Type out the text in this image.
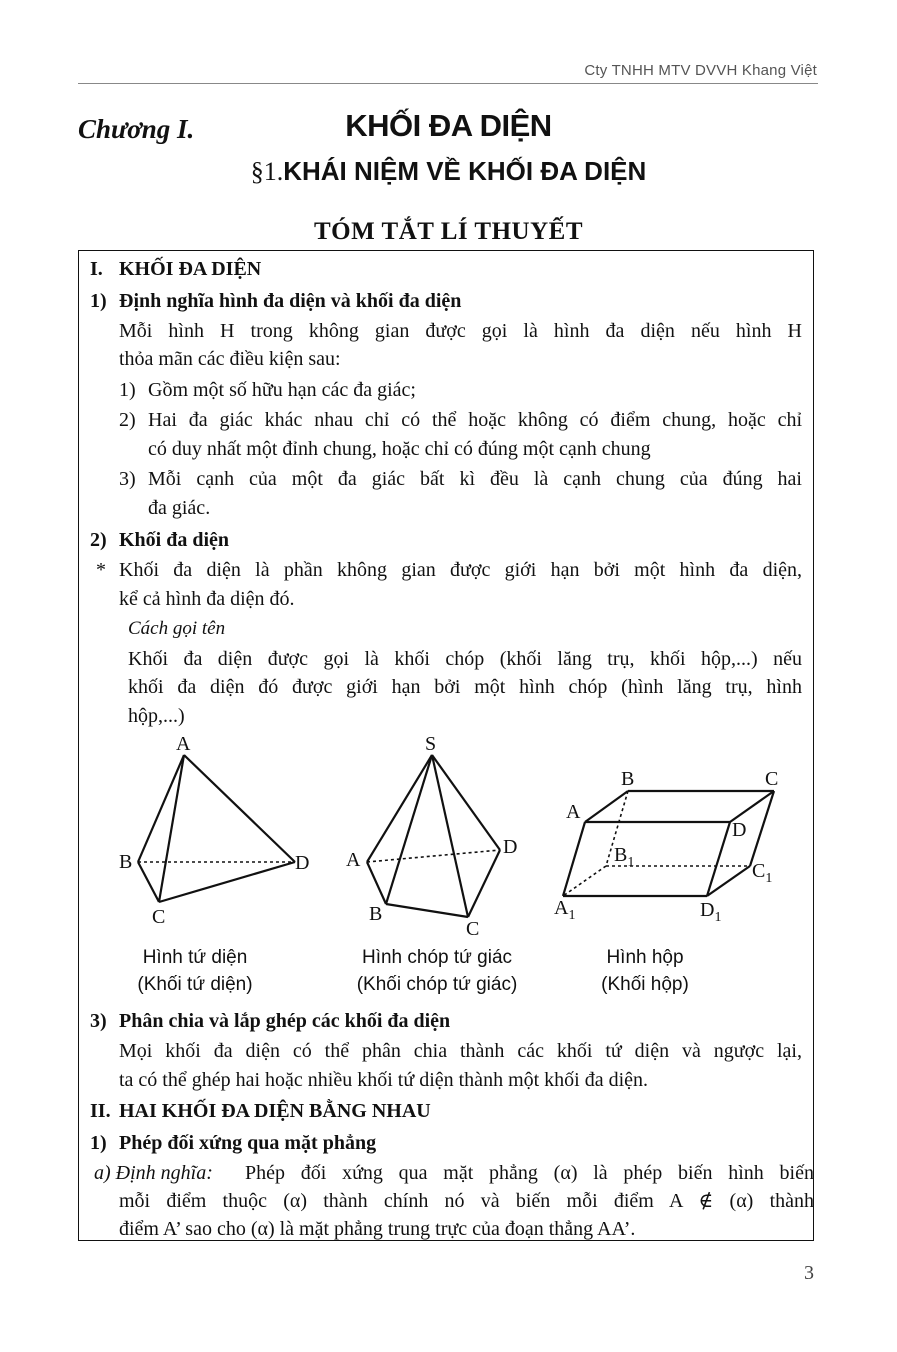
Cty TNHH MTV DVVH Khang Việt
Chương I.	KHỐI ĐA DIỆN
§1.KHÁI NIỆM VỀ KHỐI ĐA DIỆN
TÓM TẮT LÍ THUYẾT
I. KHỐI ĐA DIỆN
1) Định nghĩa hình đa diện và khối đa diện
Mỗi hình H trong không gian được gọi là hình đa diện nếu hình H
thỏa mãn các điều kiện sau:
1) Gồm một số hữu hạn các đa giác;
2) Hai đa giác khác nhau chỉ có thể hoặc không có điểm chung, hoặc chỉ
có duy nhất một đỉnh chung, hoặc chỉ có đúng một cạnh chung
3) Mỗi cạnh của một đa giác bất kì đều là cạnh chung của đúng hai
đa giác.
2) Khối đa diện
* Khối đa diện là phần không gian được giới hạn bởi một hình đa diện,
kể cả hình đa diện đó.
Cách gọi tên
Khối đa diện được gọi là khối chóp (khối lăng trụ, khối hộp,...) nếu
khối đa diện đó được giới hạn bởi một hình chóp (hình lăng trụ, hình
hộp,...)
A
B
C
D
S
A
B
C
D
B	C
A
D
$B_1$	$C_1$
$A_1$	$D_1$
Hình tứ diện
(Khối tứ diện)
Hình chóp tứ giác
(Khối chóp tứ giác)
Hình hộp
(Khối hộp)
3) Phân chia và lắp ghép các khối đa diện
Mọi khối đa diện có thể phân chia thành các khối tứ diện và ngược lại,
ta có thể ghép hai hoặc nhiều khối tứ diện thành một khối đa diện.
II. HAI KHỐI ĐA DIỆN BẰNG NHAU
1) Phép đối xứng qua mặt phẳng
a) Định nghĩa: Phép đối xứng qua mặt phẳng (α) là phép biến hình biến
mỗi điểm thuộc (α) thành chính nó và biến mỗi điểm A ∉ (α) thành
điểm A’ sao cho (α) là mặt phẳng trung trực của đoạn thẳng AA’.
3
